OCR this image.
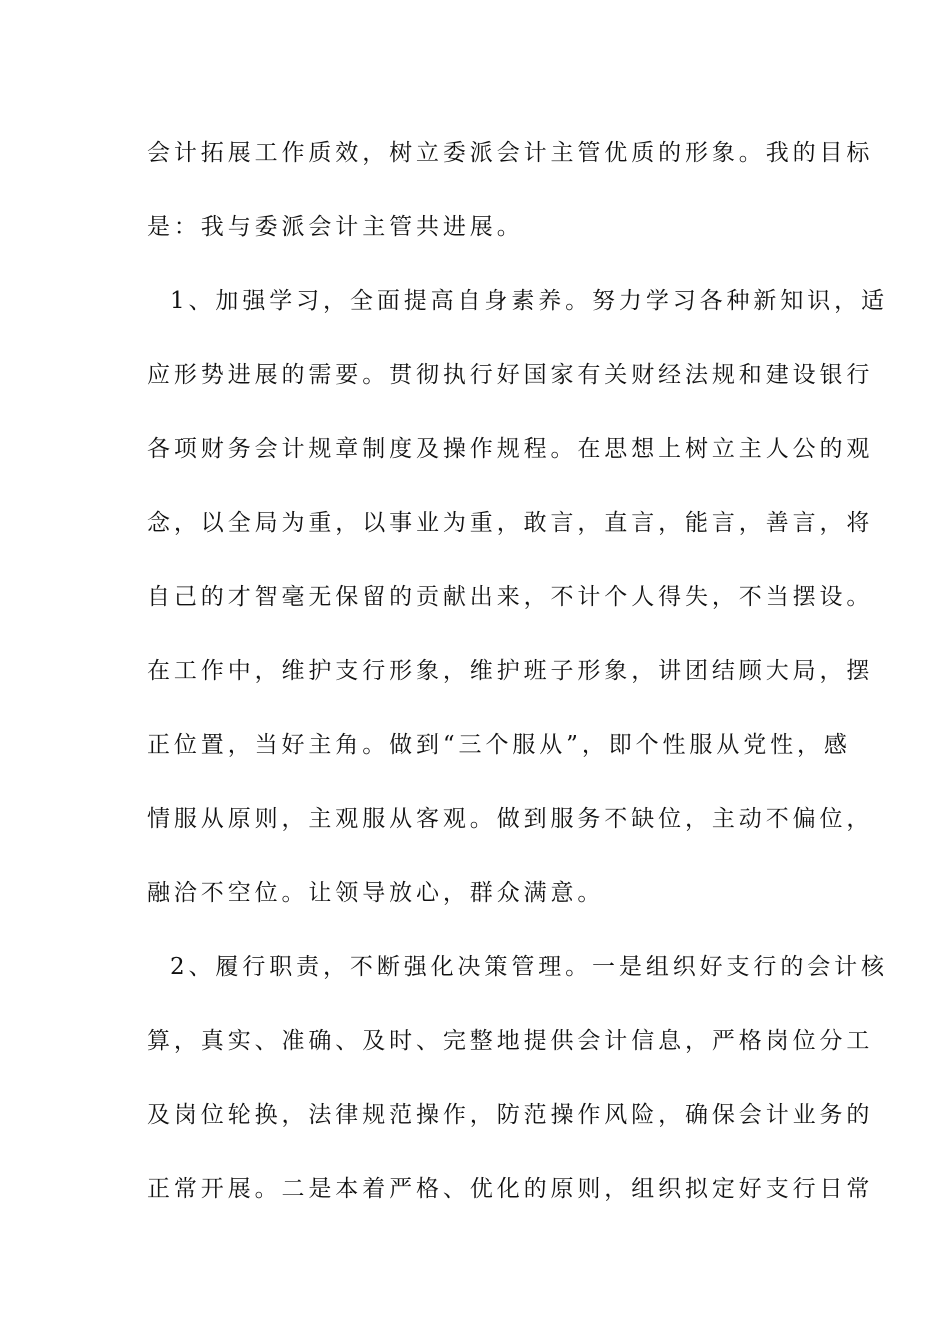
会计拓展工作质效，树立委派会计主管优质的形象。我的目标
是：我与委派会计主管共进展。
1、加强学习，全面提高自身素养。努力学习各种新知识，适
应形势进展的需要。贯彻执行好国家有关财经法规和建设银行
各项财务会计规章制度及操作规程。在思想上树立主人公的观
念，以全局为重，以事业为重，敢言，直言，能言，善言，将
自己的才智毫无保留的贡献出来，不计个人得失，不当摆设。
在工作中，维护支行形象，维护班子形象，讲团结顾大局，摆
正位置，当好主角。做到“三个服从”，即个性服从党性，感
情服从原则，主观服从客观。做到服务不缺位，主动不偏位，
融洽不空位。让领导放心，群众满意。
2、履行职责，不断强化决策管理。一是组织好支行的会计核
算，真实、准确、及时、完整地提供会计信息，严格岗位分工
及岗位轮换，法律规范操作，防范操作风险，确保会计业务的
正常开展。二是本着严格、优化的原则，组织拟定好支行日常
